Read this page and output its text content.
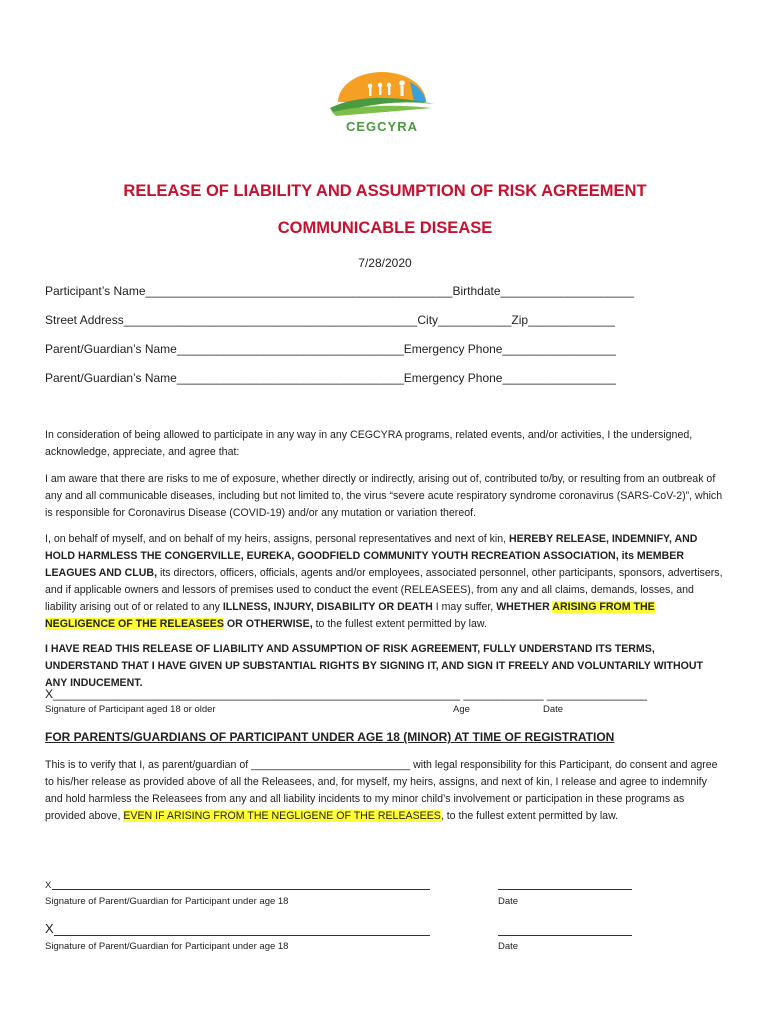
CEGCYRA
RELEASE OF LIABILITY AND ASSUMPTION OF RISK AGREEMENT
COMMUNICABLE DISEASE
7/28/2020
Participant’s Name______________________________________________Birthdate____________________
Street Address____________________________________________City___________Zip_____________
Parent/Guardian’s Name__________________________________Emergency Phone_________________
Parent/Guardian’s Name__________________________________Emergency Phone_________________
In consideration of being allowed to participate in any way in any CEGCYRA programs, related events, and/or activities, I the undersigned, acknowledge, appreciate, and agree that:
I am aware that there are risks to me of exposure, whether directly or indirectly, arising out of, contributed to/by, or resulting from an outbreak of any and all communicable diseases, including but not limited to, the virus “severe acute respiratory syndrome coronavirus (SARS-CoV-2)”, which is responsible for Coronavirus Disease (COVID-19) and/or any mutation or variation thereof.
I, on behalf of myself, and on behalf of my heirs, assigns, personal representatives and next of kin, HEREBY RELEASE, INDEMNIFY, AND HOLD HARMLESS THE CONGERVILLE, EUREKA, GOODFIELD COMMUNITY YOUTH RECREATION ASSOCIATION, its MEMBER LEAGUES AND CLUB, its directors, officers, officials, agents and/or employees, associated personnel, other participants, sponsors, advertisers, and if applicable owners and lessors of premises used to conduct the event (RELEASEES), from any and all claims, demands, losses, and liability arising out of or related to any ILLNESS, INJURY, DISABILITY OR DEATH I may suffer, WHETHER ARISING FROM THE NEGLIGENCE OF THE RELEASEES OR OTHERWISE, to the fullest extent permitted by law.
I HAVE READ THIS RELEASE OF LIABILITY AND ASSUMPTION OF RISK AGREEMENT, FULLY UNDERSTAND ITS TERMS, UNDERSTAND THAT I HAVE GIVEN UP SUBSTANTIAL RIGHTS BY SIGNING IT, AND SIGN IT FREELY AND VOLUNTARILY WITHOUT ANY INDUCEMENT.
X_____________________________________________________________ ____________ _______________
Signature of Participant aged 18 or older	Age	Date
FOR PARENTS/GUARDIANS OF PARTICIPANT UNDER AGE 18 (MINOR) AT TIME OF REGISTRATION
This is to verify that I, as parent/guardian of ___________________________ with legal responsibility for this Participant, do consent and agree to his/her release as provided above of all the Releasees, and, for myself, my heirs, assigns, and next of kin, I release and agree to indemnify and hold harmless the Releasees from any and all liability incidents to my minor child’s involvement or participation in these programs as provided above, EVEN IF ARISING FROM THE NEGLIGENE OF THE RELEASEES, to the fullest extent permitted by law.
X
Signature of Parent/Guardian for Participant under age 18	Date
X
Signature of Parent/Guardian for Participant under age 18	Date
